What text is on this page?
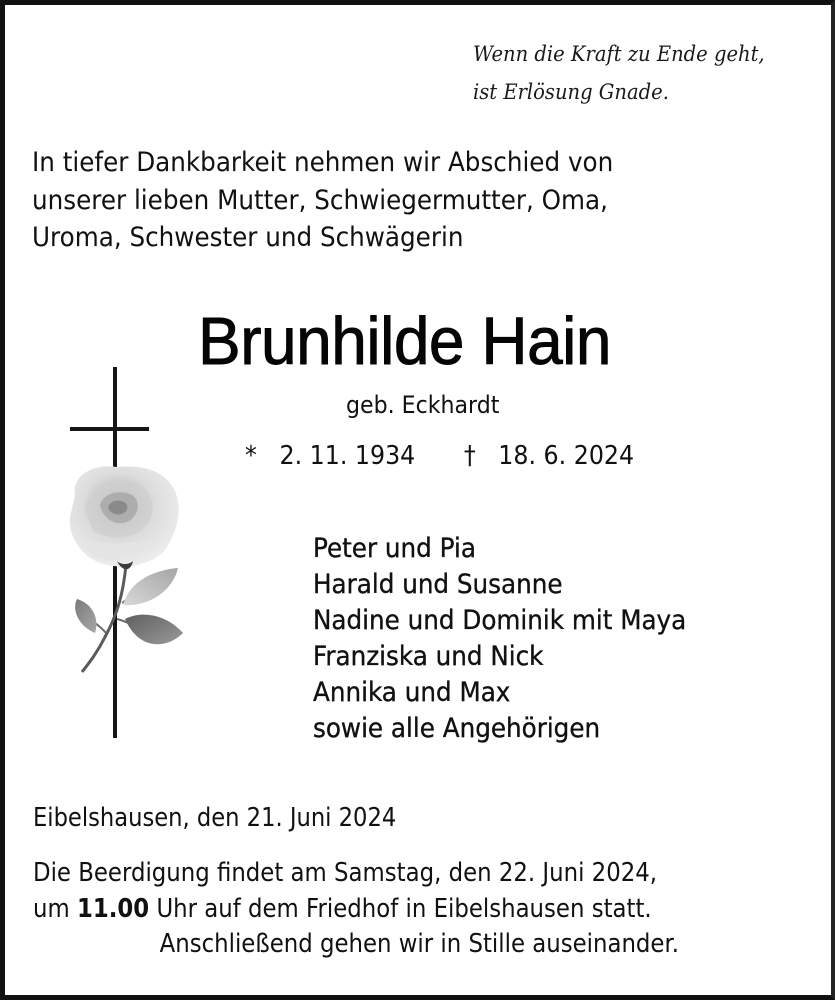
Wenn die Kraft zu Ende geht,
ist Erlösung Gnade.
In tiefer Dankbarkeit nehmen wir Abschied von
unserer lieben Mutter, Schwiegermutter, Oma,
Uroma, Schwester und Schwägerin
Brunhilde Hain
geb. Eckhardt
* 2. 11. 1934 † 18. 6. 2024
Peter und Pia
Harald und Susanne
Nadine und Dominik mit Maya
Franziska und Nick
Annika und Max
sowie alle Angehörigen
Eibelshausen, den 21. Juni 2024
Die Beerdigung findet am Samstag, den 22. Juni 2024,
um 11.00 Uhr auf dem Friedhof in Eibelshausen statt.
Anschließend gehen wir in Stille auseinander.
